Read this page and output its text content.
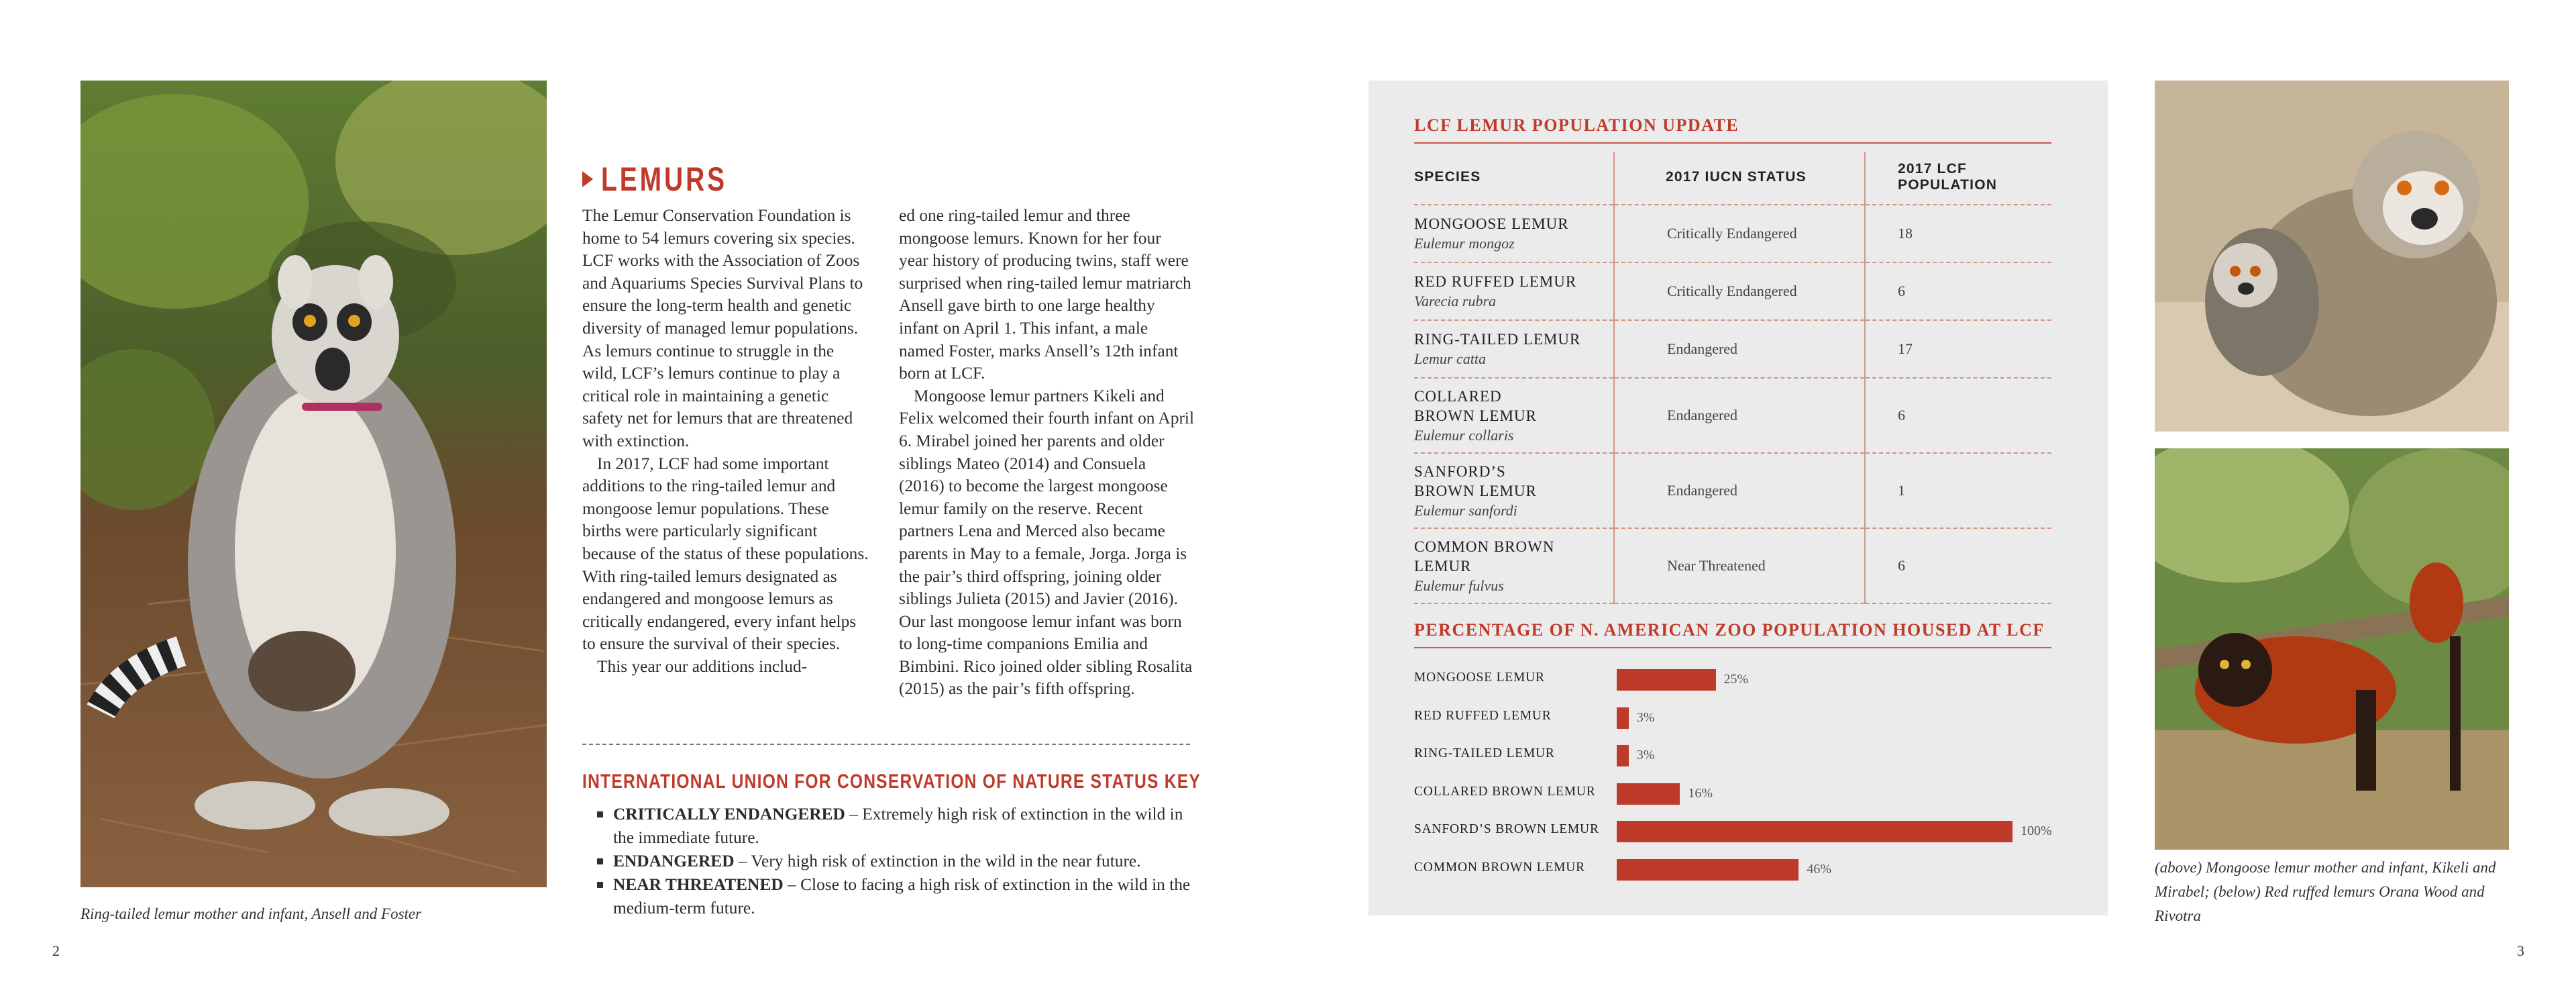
Ring-tailed lemur mother and infant, Ansell and Foster
2
LEMURS

The Lemur Conservation Foundation is home to 54 lemurs covering six species. LCF works with the Association of Zoos and Aquariums Species Survival Plans to ensure the long-term health and genetic diversity of managed lemur populations. As lemurs continue to struggle in the wild, LCF’s lemurs continue to play a critical role in maintaining a genetic safety net for lemurs that are threatened with extinction.

In 2017, LCF had some important additions to the ring-tailed lemur and mongoose lemur populations. These births were particularly significant because of the status of these populations. With ring-tailed lemurs designated as endangered and mongoose lemurs as critically endangered, every infant helps to ensure the survival of their species.

This year our additions includ-

ed one ring-tailed lemur and three mongoose lemurs. Known for her four year history of producing twins, staff were surprised when ring-tailed lemur matriarch Ansell gave birth to one large healthy infant on April 1. This infant, a male named Foster, marks Ansell’s 12th infant born at LCF.

Mongoose lemur partners Kikeli and Felix welcomed their fourth infant on April 6. Mirabel joined her parents and older siblings Mateo (2014) and Consuela (2016) to become the largest mongoose lemur family on the reserve. Recent partners Lena and Merced also became parents in May to a female, Jorga. Jorga is the pair’s third offspring, joining older siblings Julieta (2015) and Javier (2016). Our last mongoose lemur infant was born to long-time companions Emilia and Bimbini. Rico joined older sibling Rosalita (2015) as the pair’s fifth offspring.

INTERNATIONAL UNION FOR CONSERVATION OF NATURE STATUS KEY
CRITICALLY ENDANGERED – Extremely high risk of extinction in the wild in the immediate future.
ENDANGERED – Very high risk of extinction in the wild in the near future.
NEAR THREATENED – Close to facing a high risk of extinction in the wild in the medium-term future.
LCF LEMUR POPULATION UPDATE
SPECIES	2017 IUCN STATUS	2017 LCF POPULATION

MONGOOSE LEMUR
Eulemur mongoz	Critically Endangered	18

RED RUFFED LEMUR
Varecia rubra	Critically Endangered	6

RING-TAILED LEMUR
Lemur catta	Endangered	17

COLLARED BROWN LEMUR
Eulemur collaris	Endangered	6

SANFORD’S BROWN LEMUR
Eulemur sanfordi	Endangered	1

COMMON BROWN LEMUR
Eulemur fulvus	Near Threatened	6
PERCENTAGE OF N. AMERICAN ZOO POPULATION HOUSED AT LCF
MONGOOSE LEMUR	25%
RED RUFFED LEMUR	3%
RING-TAILED LEMUR	3%
COLLARED BROWN LEMUR	16%
SANFORD’S BROWN LEMUR	100%
COMMON BROWN LEMUR	46%	(above) Mongoose lemur mother and infant, Kikeli and Mirabel; (below) Red ruffed lemurs Orana Wood and Rivotra
3
